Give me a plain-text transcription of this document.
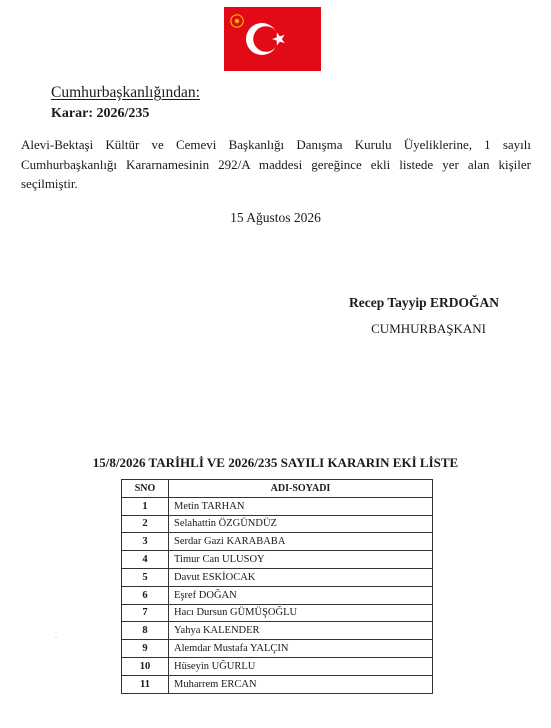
Cumhurbaşkanlığından:
Karar: 2026/235
Alevi-Bektaşi Kültür ve Cemevi Başkanlığı Danışma Kurulu Üyeliklerine, 1 sayılı Cumhurbaşkanlığı Kararnamesinin 292/A maddesi gereğince ekli listede yer alan kişiler seçilmiştir.
15 Ağustos 2026
Recep Tayyip ERDOĞAN
CUMHURBAŞKANI
15/8/2026 TARİHLİ VE 2026/235 SAYILI KARARIN EKİ LİSTE
SNO	ADI-SOYADI
1	Metin TARHAN
2	Selahattin ÖZGÜNDÜZ
3	Serdar Gazi KARABABA
4	Timur Can ULUSOY
5	Davut ESKİOCAK
6	Eşref DOĞAN
7	Hacı Dursun GÜMÜŞOĞLU
8	Yahya KALENDER
9	Alemdar Mustafa YALÇIN
10	Hüseyin UĞURLU
11	Muharrem ERCAN
.
